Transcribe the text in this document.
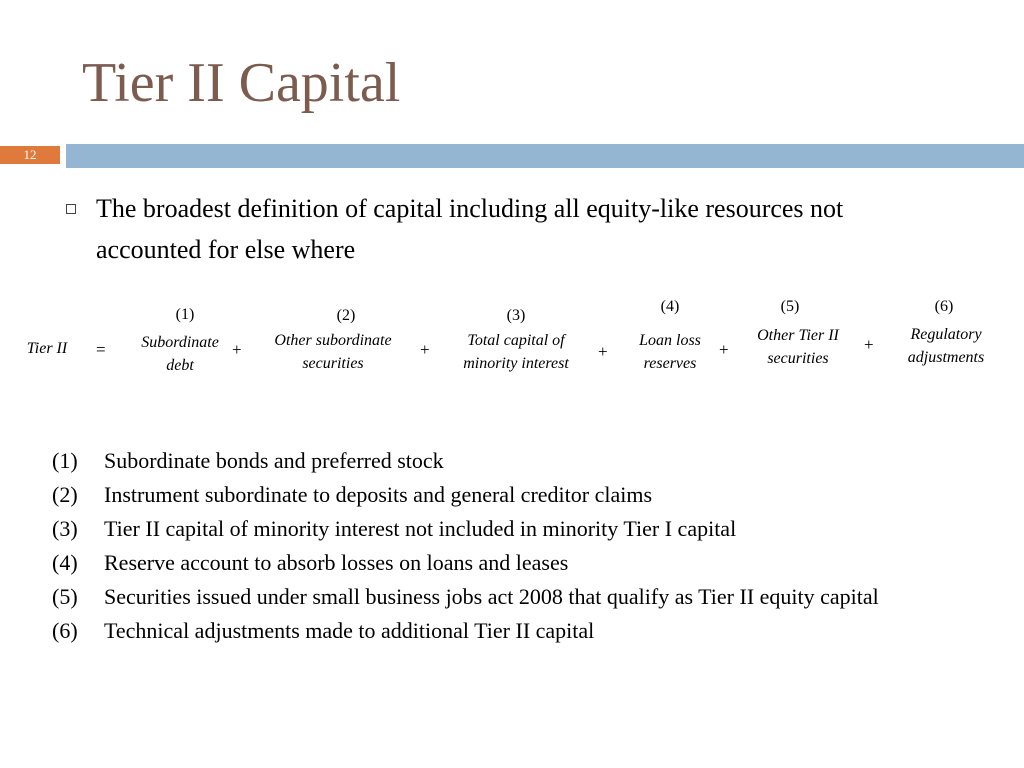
Tier II Capital
12
The broadest definition of capital including all equity-like resources not accounted for else where
Tier II	=
(1)
Subordinate
debt
+
(2)
Other subordinate
securities
+
(3)
Total capital of
minority interest
+
(4)
Loan loss
reserves
+
(5)
Other Tier II
securities
+
(6)
Regulatory
adjustments
(1)	Subordinate bonds and preferred stock
(2)	Instrument subordinate to deposits and general creditor claims
(3)	Tier II capital of minority interest not included in minority Tier I capital
(4)	Reserve account to absorb losses on loans and leases
(5)	Securities issued under small business jobs act 2008 that qualify as Tier II equity capital
(6)	Technical adjustments made to additional Tier II capital
